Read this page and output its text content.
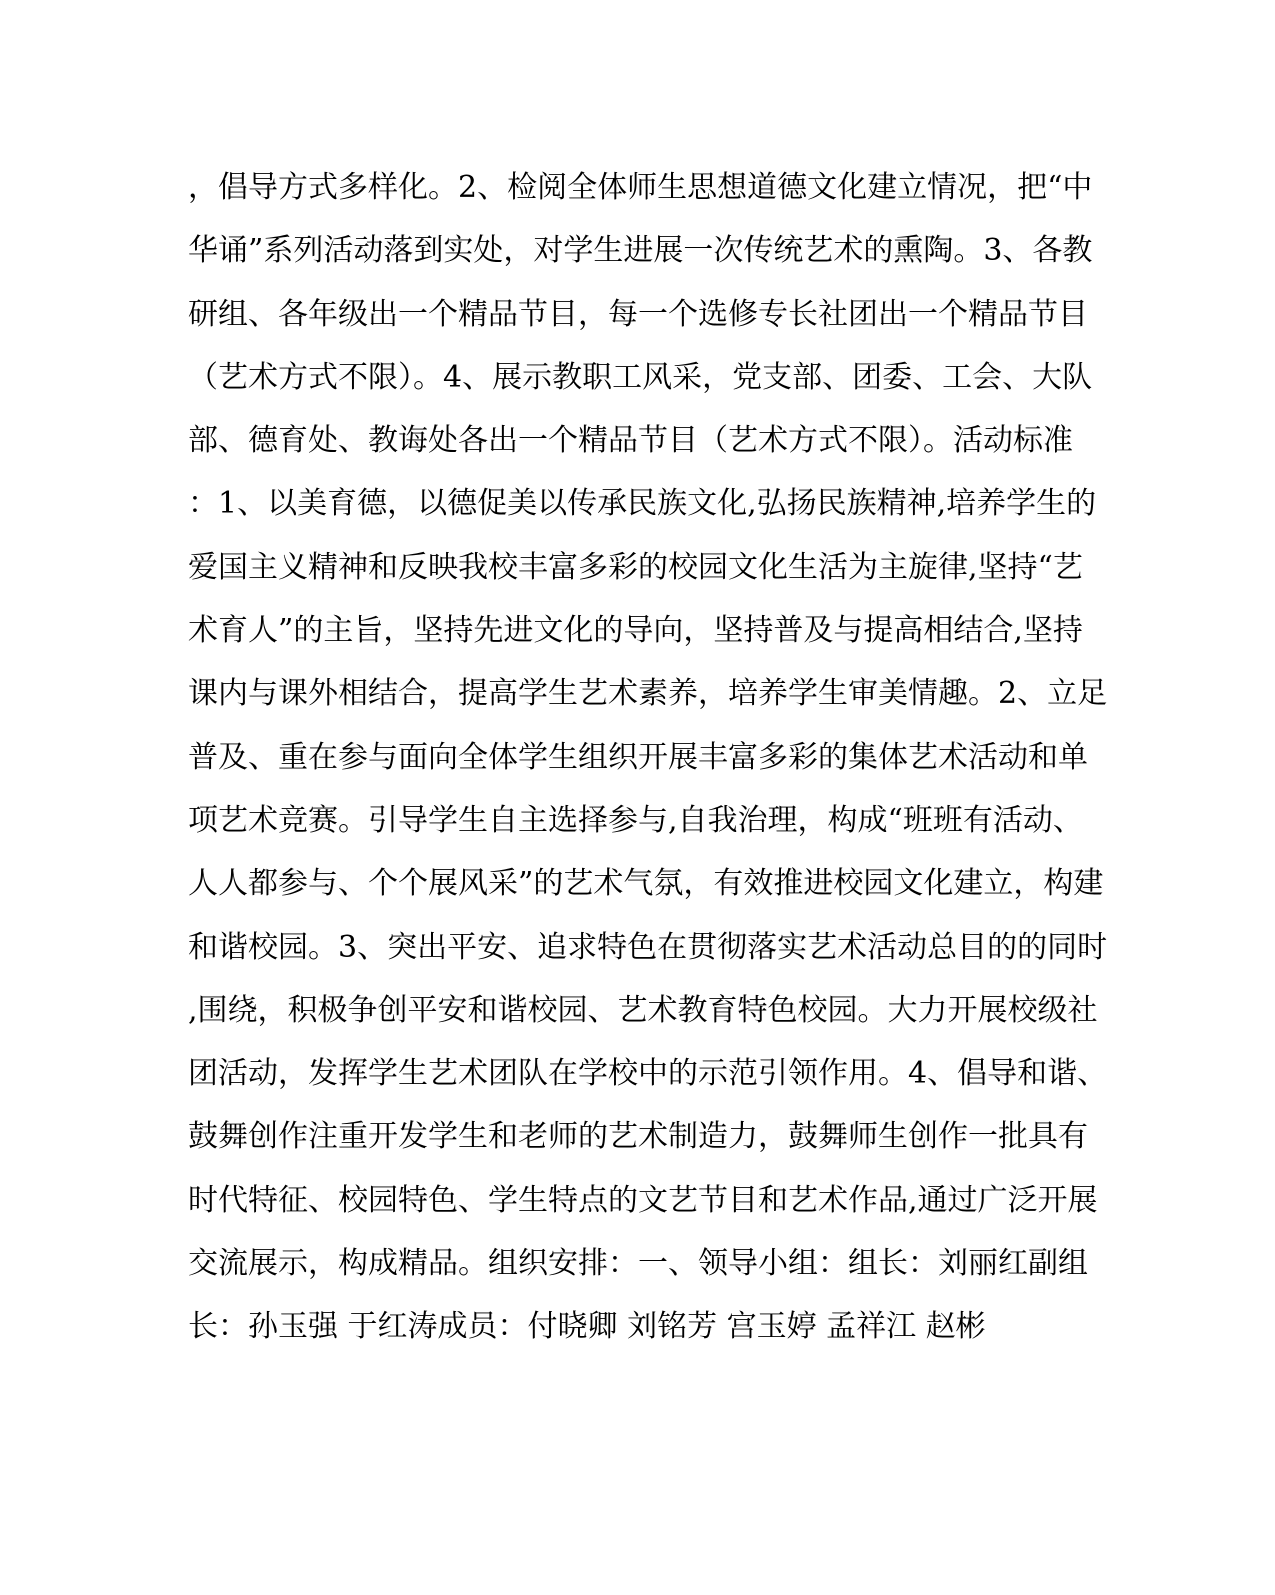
，倡导方式多样化。2、检阅全体师生思想道德文化建立情况，把“中
华诵”系列活动落到实处，对学生进展一次传统艺术的熏陶。3、各教
研组、各年级出一个精品节目，每一个选修专长社团出一个精品节目
（艺术方式不限）。4、展示教职工风采，党支部、团委、工会、大队
部、德育处、教诲处各出一个精品节目（艺术方式不限）。活动标准
：1、以美育德，以德促美以传承民族文化,弘扬民族精神,培养学生的
爱国主义精神和反映我校丰富多彩的校园文化生活为主旋律,坚持“艺
术育人”的主旨，坚持先进文化的导向，坚持普及与提高相结合,坚持
课内与课外相结合，提高学生艺术素养，培养学生审美情趣。2、立足
普及、重在参与面向全体学生组织开展丰富多彩的集体艺术活动和单
项艺术竞赛。引导学生自主选择参与,自我治理，构成“班班有活动、
人人都参与、个个展风采”的艺术气氛，有效推进校园文化建立，构建
和谐校园。3、突出平安、追求特色在贯彻落实艺术活动总目的的同时
,围绕，积极争创平安和谐校园、艺术教育特色校园。大力开展校级社
团活动，发挥学生艺术团队在学校中的示范引领作用。4、倡导和谐、
鼓舞创作注重开发学生和老师的艺术制造力，鼓舞师生创作一批具有
时代特征、校园特色、学生特点的文艺节目和艺术作品,通过广泛开展
交流展示，构成精品。组织安排：一、领导小组：组长：刘丽红副组
长：孙玉强 于红涛成员：付晓卿 刘铭芳 宫玉婷 孟祥江 赵彬
